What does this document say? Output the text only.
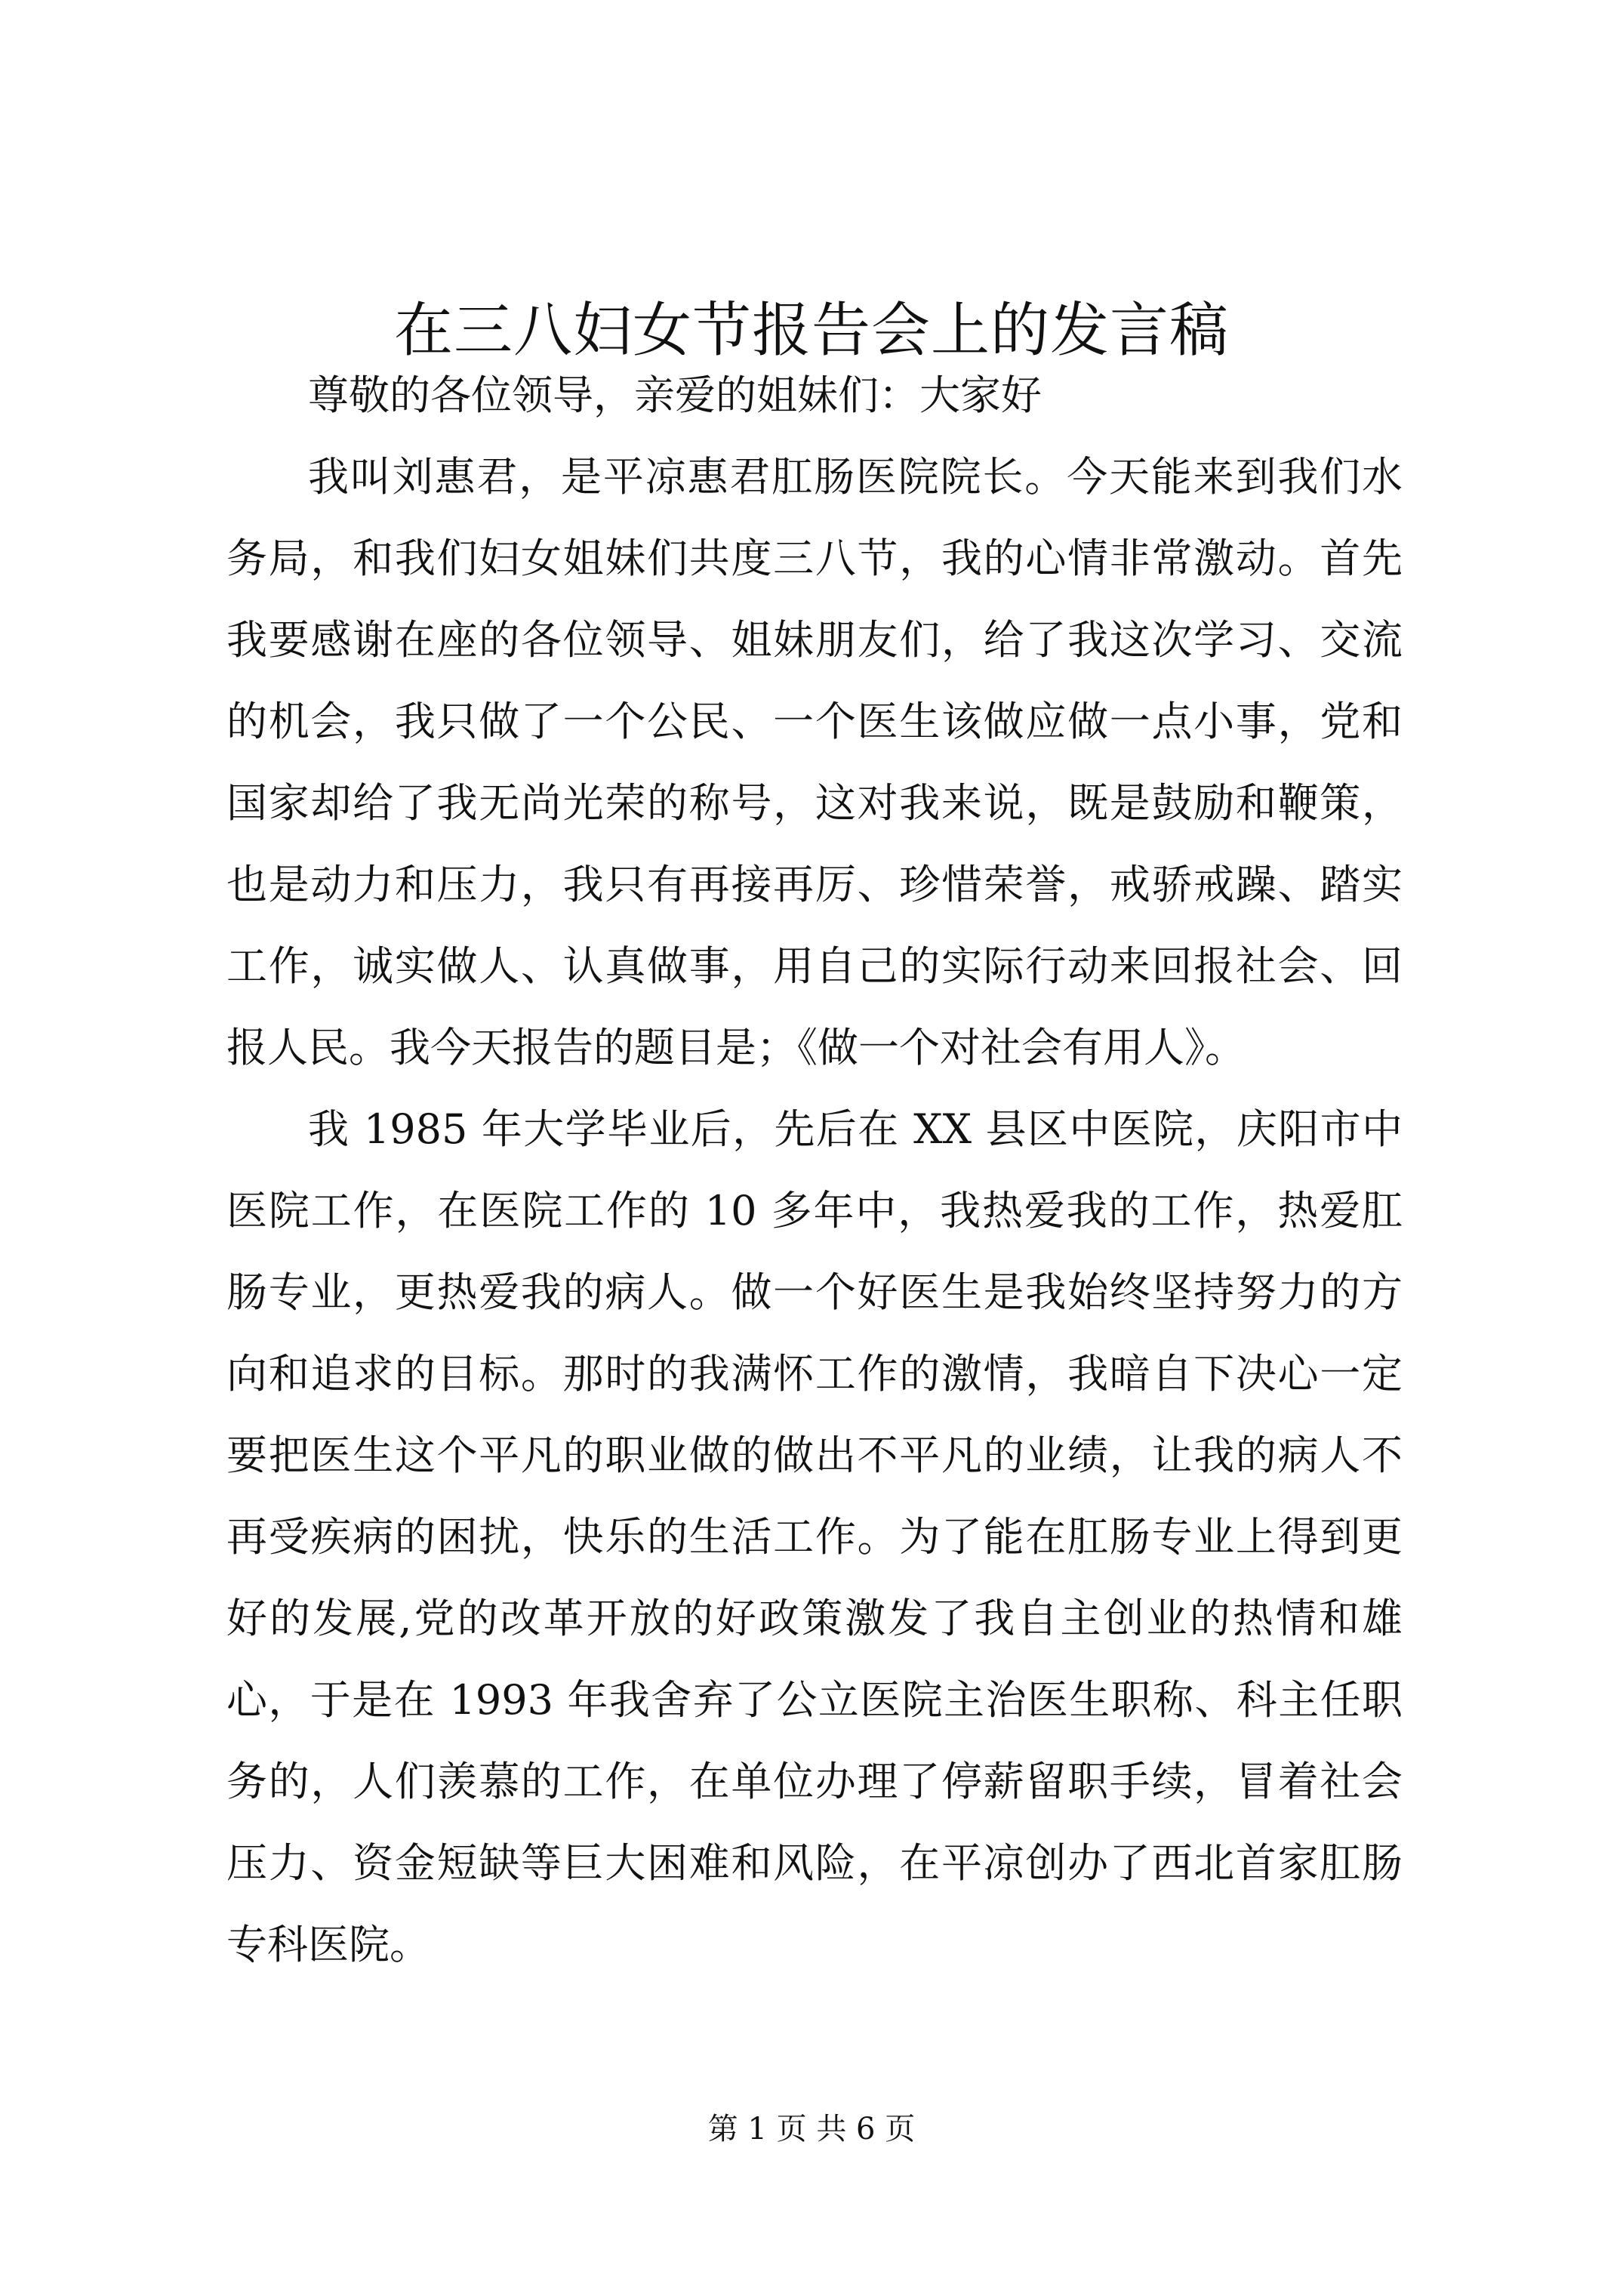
在三八妇女节报告会上的发言稿

尊敬的各位领导，亲爱的姐妹们：大家好

我叫刘惠君，是平凉惠君肛肠医院院长。今天能来到我们水务局，和我们妇女姐妹们共度三八节，我的心情非常激动。首先我要感谢在座的各位领导、姐妹朋友们，给了我这次学习、交流的机会，我只做了一个公民、一个医生该做应做一点小事，党和国家却给了我无尚光荣的称号，这对我来说，既是鼓励和鞭策，也是动力和压力，我只有再接再厉、珍惜荣誉，戒骄戒躁、踏实工作，诚实做人、认真做事，用自己的实际行动来回报社会、回报人民。我今天报告的题目是；《做一个对社会有用人》。

我 1985 年大学毕业后，先后在 XX 县区中医院，庆阳市中医院工作，在医院工作的 10 多年中，我热爱我的工作，热爱肛肠专业，更热爱我的病人。做一个好医生是我始终坚持努力的方向和追求的目标。那时的我满怀工作的激情，我暗自下决心一定要把医生这个平凡的职业做的做出不平凡的业绩，让我的病人不再受疾病的困扰，快乐的生活工作。为了能在肛肠专业上得到更好的发展,党的改革开放的好政策激发了我自主创业的热情和雄心，于是在 1993 年我舍弃了公立医院主治医生职称、科主任职务的，人们羡慕的工作，在单位办理了停薪留职手续，冒着社会压力、资金短缺等巨大困难和风险，在平凉创办了西北首家肛肠专科医院。

第 1 页 共 6 页
